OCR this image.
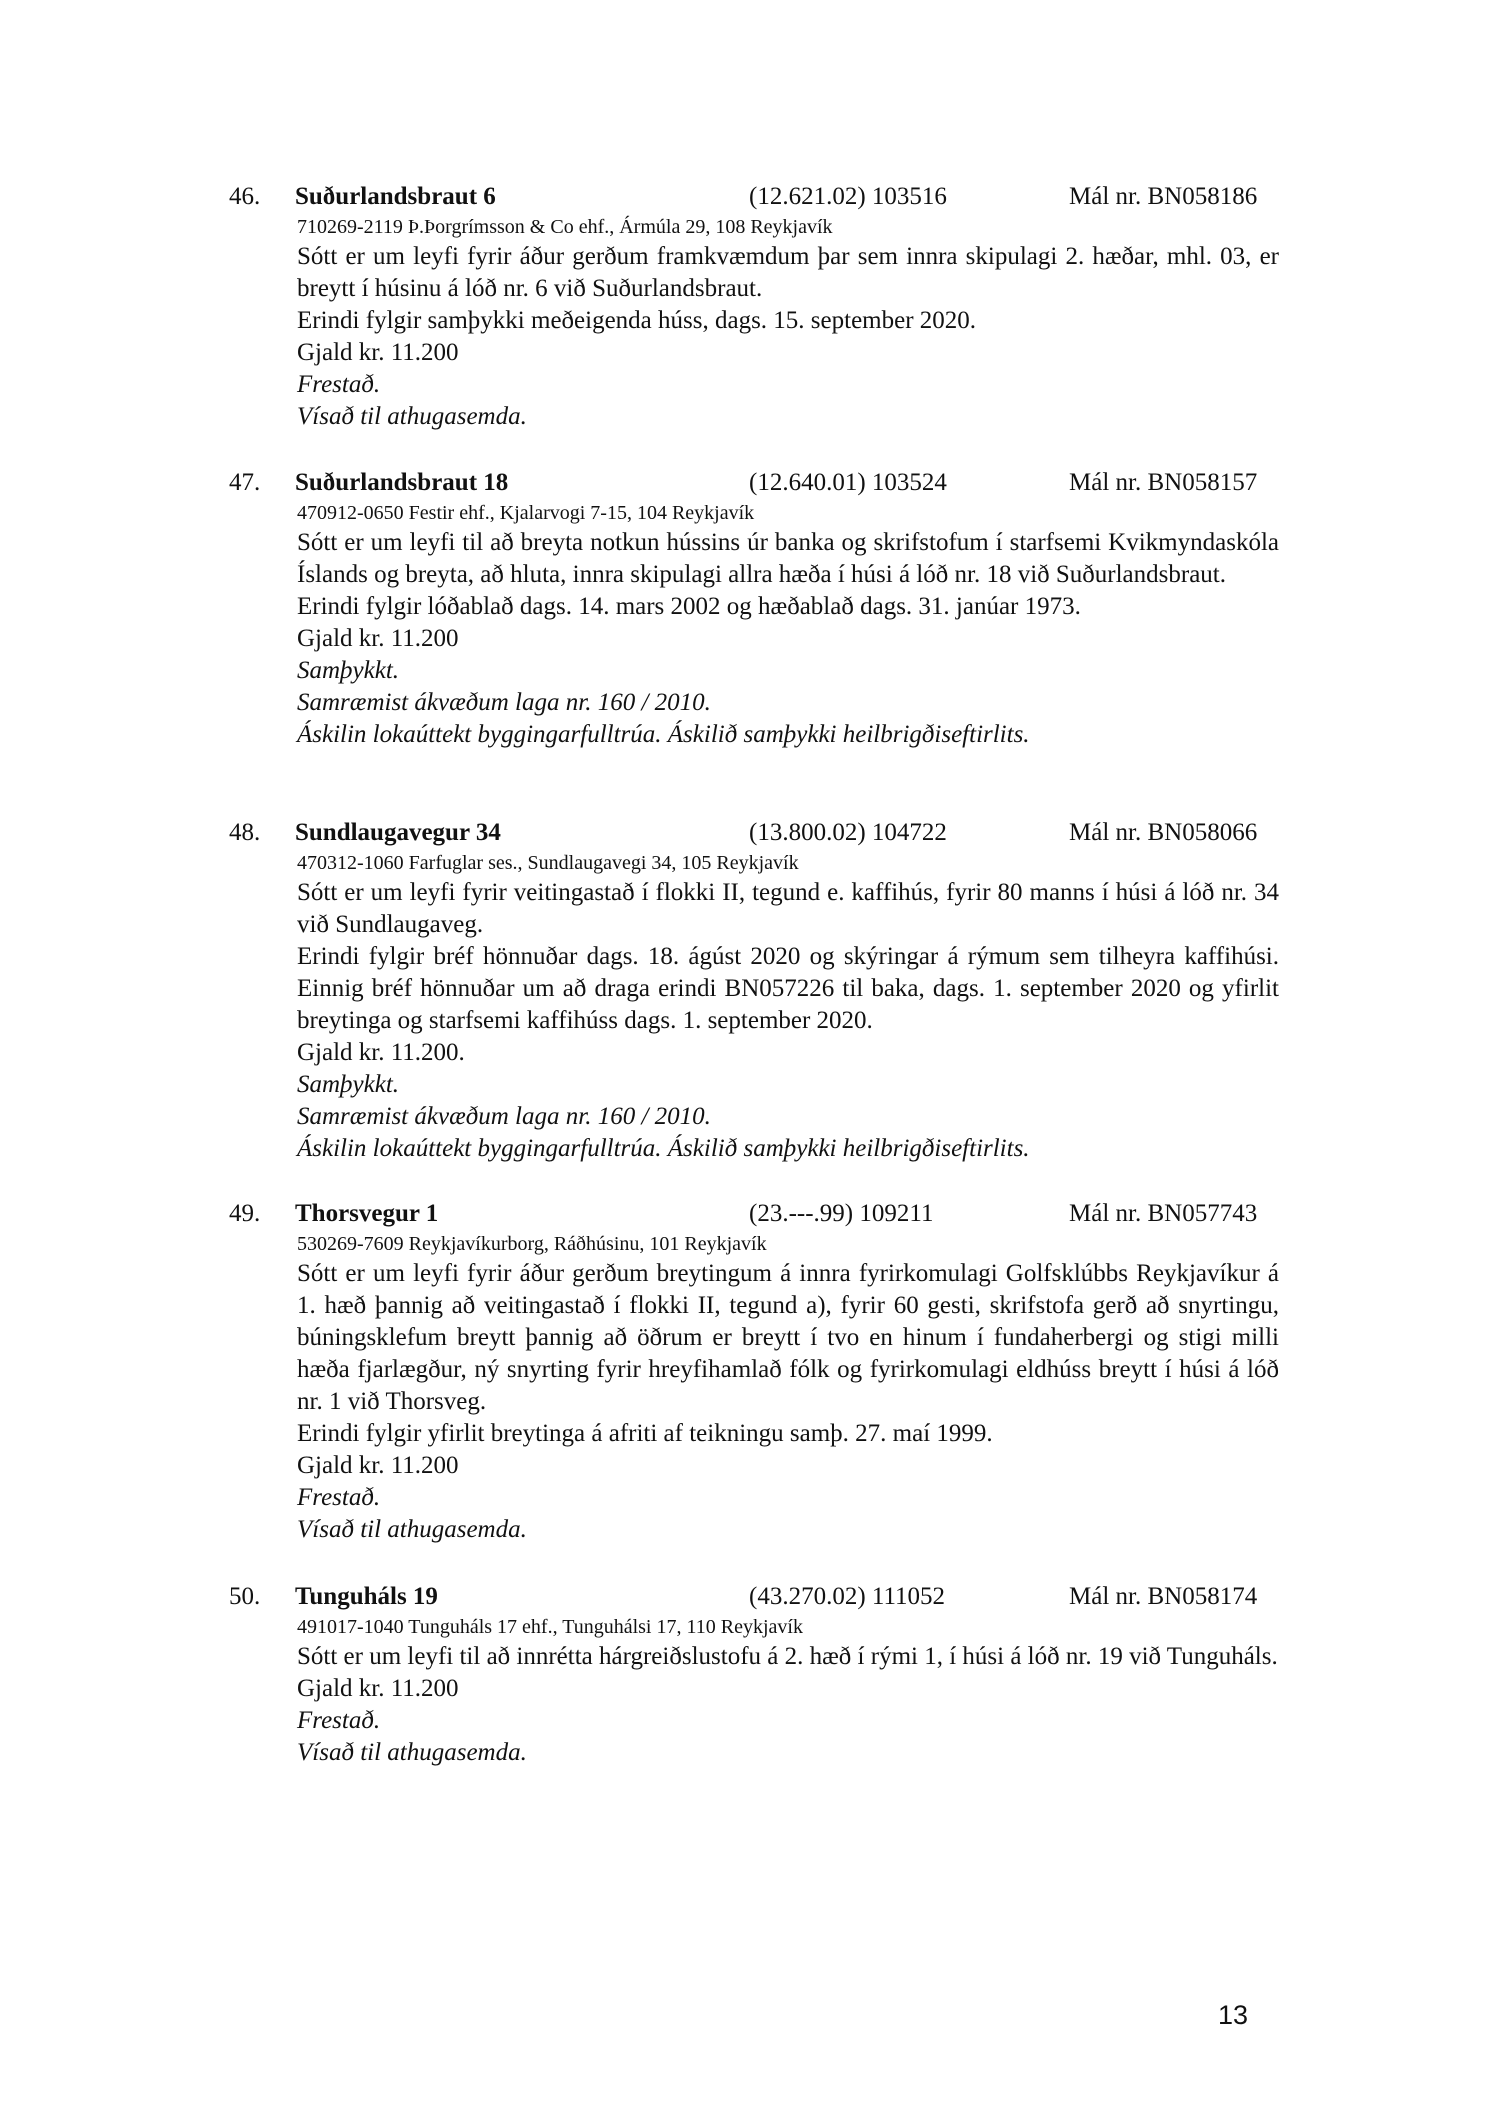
46. Suðurlandsbraut 6	(12.621.02) 103516	Mál nr. BN058186
710269-2119 Þ.Þorgrímsson & Co ehf., Ármúla 29, 108 Reykjavík
Sótt er um leyfi fyrir áður gerðum framkvæmdum þar sem innra skipulagi 2. hæðar, mhl. 03, er breytt í húsinu á lóð nr. 6 við Suðurlandsbraut.
Erindi fylgir samþykki meðeigenda húss, dags. 15. september 2020.
Gjald kr. 11.200
Frestað.
Vísað til athugasemda.
47. Suðurlandsbraut 18	(12.640.01) 103524	Mál nr. BN058157
470912-0650 Festir ehf., Kjalarvogi 7-15, 104 Reykjavík
Sótt er um leyfi til að breyta notkun hússins úr banka og skrifstofum í starfsemi Kvikmyndaskóla Íslands og breyta, að hluta, innra skipulagi allra hæða í húsi á lóð nr. 18 við Suðurlandsbraut.
Erindi fylgir lóðablað dags. 14. mars 2002 og hæðablað dags. 31. janúar 1973.
Gjald kr. 11.200
Samþykkt.
Samræmist ákvæðum laga nr. 160 / 2010.
Áskilin lokaúttekt byggingarfulltrúa. Áskilið samþykki heilbrigðiseftirlits.
48. Sundlaugavegur 34	(13.800.02) 104722	Mál nr. BN058066
470312-1060 Farfuglar ses., Sundlaugavegi 34, 105 Reykjavík
Sótt er um leyfi fyrir veitingastað í flokki II, tegund e. kaffihús, fyrir 80 manns í húsi á lóð nr. 34 við Sundlaugaveg.
Erindi fylgir bréf hönnuðar dags. 18. ágúst 2020 og skýringar á rýmum sem tilheyra kaffihúsi. Einnig bréf hönnuðar um að draga erindi BN057226 til baka, dags. 1. september 2020 og yfirlit breytinga og starfsemi kaffihúss dags. 1. september 2020.
Gjald kr. 11.200.
Samþykkt.
Samræmist ákvæðum laga nr. 160 / 2010.
Áskilin lokaúttekt byggingarfulltrúa. Áskilið samþykki heilbrigðiseftirlits.
49. Thorsvegur 1	(23.---.99) 109211	Mál nr. BN057743
530269-7609 Reykjavíkurborg, Ráðhúsinu, 101 Reykjavík
Sótt er um leyfi fyrir áður gerðum breytingum á innra fyrirkomulagi Golfsklúbbs Reykjavíkur á 1. hæð þannig að veitingastað í flokki II, tegund a), fyrir 60 gesti, skrifstofa gerð að snyrtingu, búningsklefum breytt þannig að öðrum er breytt í tvo en hinum í fundaherbergi og stigi milli hæða fjarlægður, ný snyrting fyrir hreyfihamlað fólk og fyrirkomulagi eldhúss breytt í húsi á lóð nr. 1 við Thorsveg.
Erindi fylgir yfirlit breytinga á afriti af teikningu samþ. 27. maí 1999.
Gjald kr. 11.200
Frestað.
Vísað til athugasemda.
50. Tunguháls 19	(43.270.02) 111052	Mál nr. BN058174
491017-1040 Tunguháls 17 ehf., Tunguhálsi 17, 110 Reykjavík
Sótt er um leyfi til að innrétta hárgreiðslustofu á 2. hæð í rými 1, í húsi á lóð nr. 19 við Tunguháls.
Gjald kr. 11.200
Frestað.
Vísað til athugasemda.
13
